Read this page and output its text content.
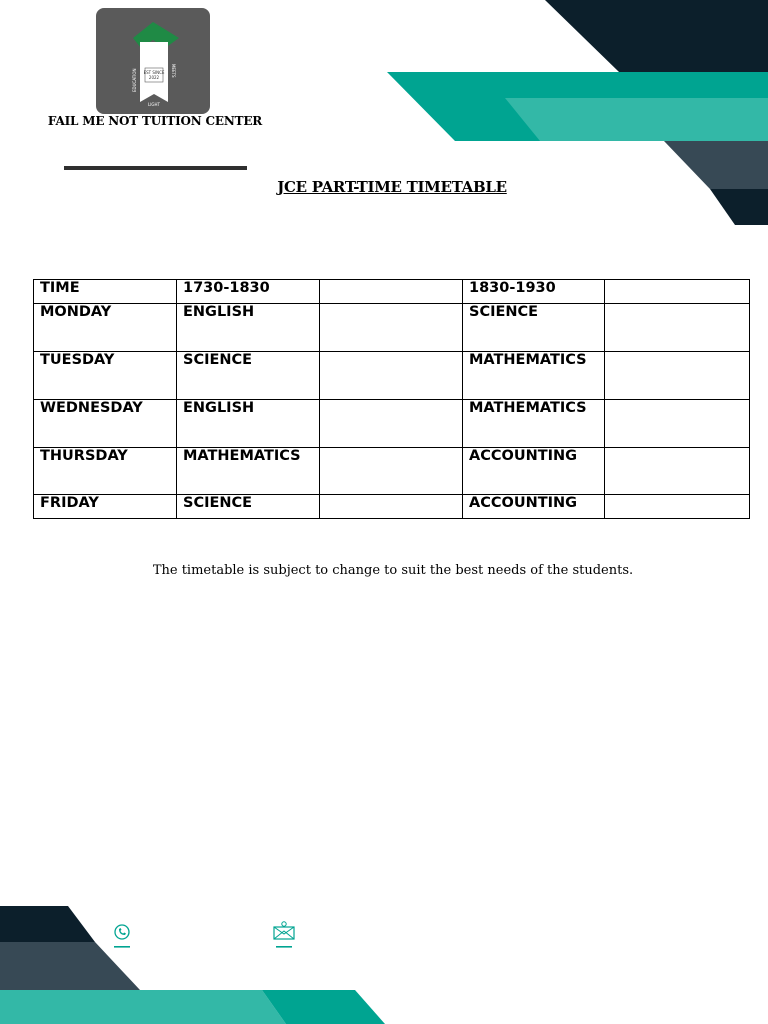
EST SINCE
2022
EDUCATION	MEETS
LIGHT
FAIL ME NOT TUITION CENTER
JCE PART-TIME TIMETABLE
TIME	1730-1830		1830-1930	
MONDAY	ENGLISH		SCIENCE	
TUESDAY	SCIENCE		MATHEMATICS	
WEDNESDAY	ENGLISH		MATHEMATICS	
THURSDAY	MATHEMATICS		ACCOUNTING	
FRIDAY	SCIENCE		ACCOUNTING	
The timetable is subject to change to suit the best needs of the students.
